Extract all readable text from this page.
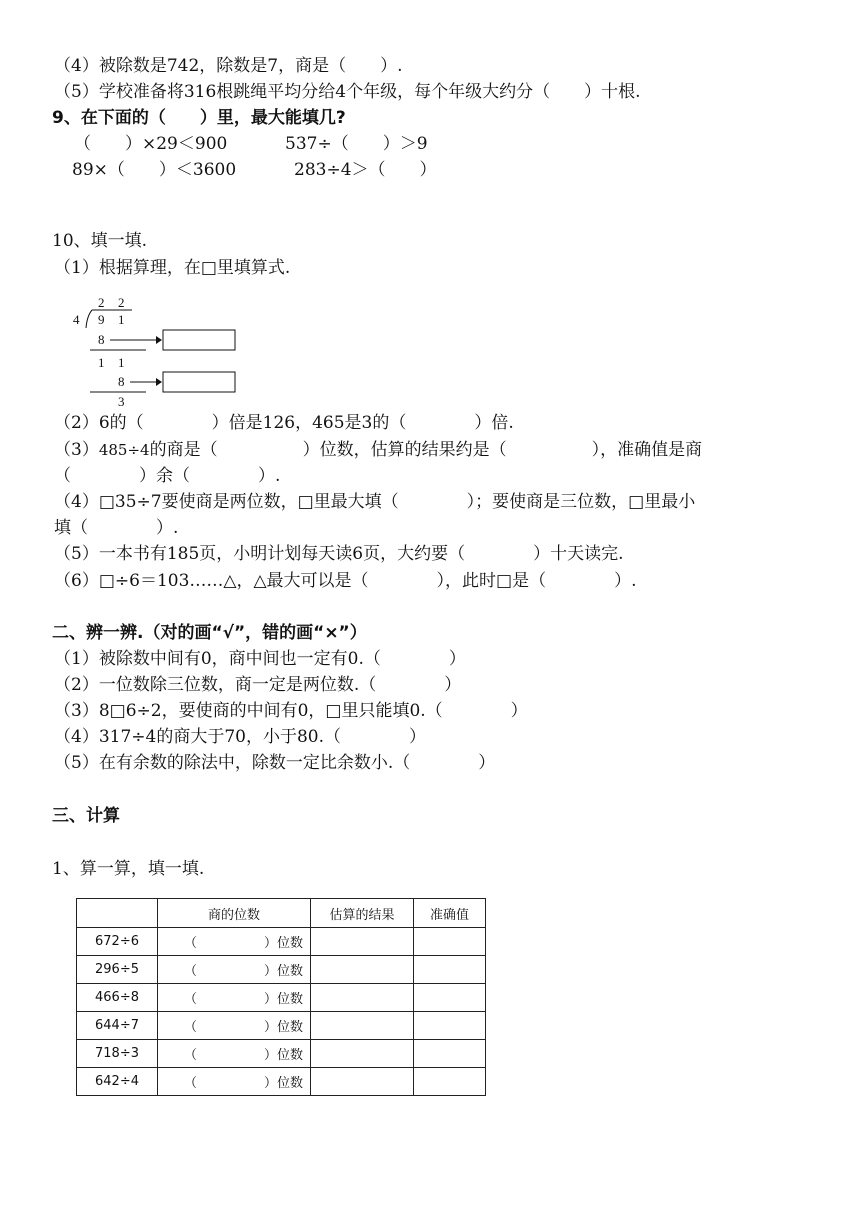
（4）被除数是742，除数是7，商是（　　）.
（5）学校准备将316根跳绳平均分给4个年级，每个年级大约分（　　）十根.
9、在下面的（　　）里，最大能填几?
（　　）×29＜900	537÷（　　）＞9
89×（　　）＜3600	283÷4＞（　　）
10、填一填.
（1）根据算理，在□里填算式.
2 2
4 9 1
8
1 1
8
3
（2）6的（　　　　）倍是126，465是3的（　　　　）倍.
（3）485÷4的商是（　　　　　）位数，估算的结果约是（　　　　　），准确值是商
（　　　　）余（　　　　）.
（4）□35÷7要使商是两位数，□里最大填（　　　　）；要使商是三位数，□里最小
填（　　　　）.
（5）一本书有185页，小明计划每天读6页，大约要（　　　　）十天读完.
（6）□÷6＝103……△，△最大可以是（　　　　），此时□是（　　　　）.
二、辨一辨.（对的画“√”，错的画“×”）
（1）被除数中间有0，商中间也一定有0.（　　　　）
（2）一位数除三位数，商一定是两位数.（　　　　）
（3）8□6÷2，要使商的中间有0，□里只能填0.（　　　　）
（4）317÷4的商大于70，小于80.（　　　　）
（5）在有余数的除法中，除数一定比余数小.（　　　　）
三、计算
1、算一算，填一填.
	商的位数	估算的结果	准确值
672÷6	（ ）位数		
296÷5	（ ）位数		
466÷8	（ ）位数		
644÷7	（ ）位数		
718÷3	（ ）位数		
642÷4	（ ）位数		
